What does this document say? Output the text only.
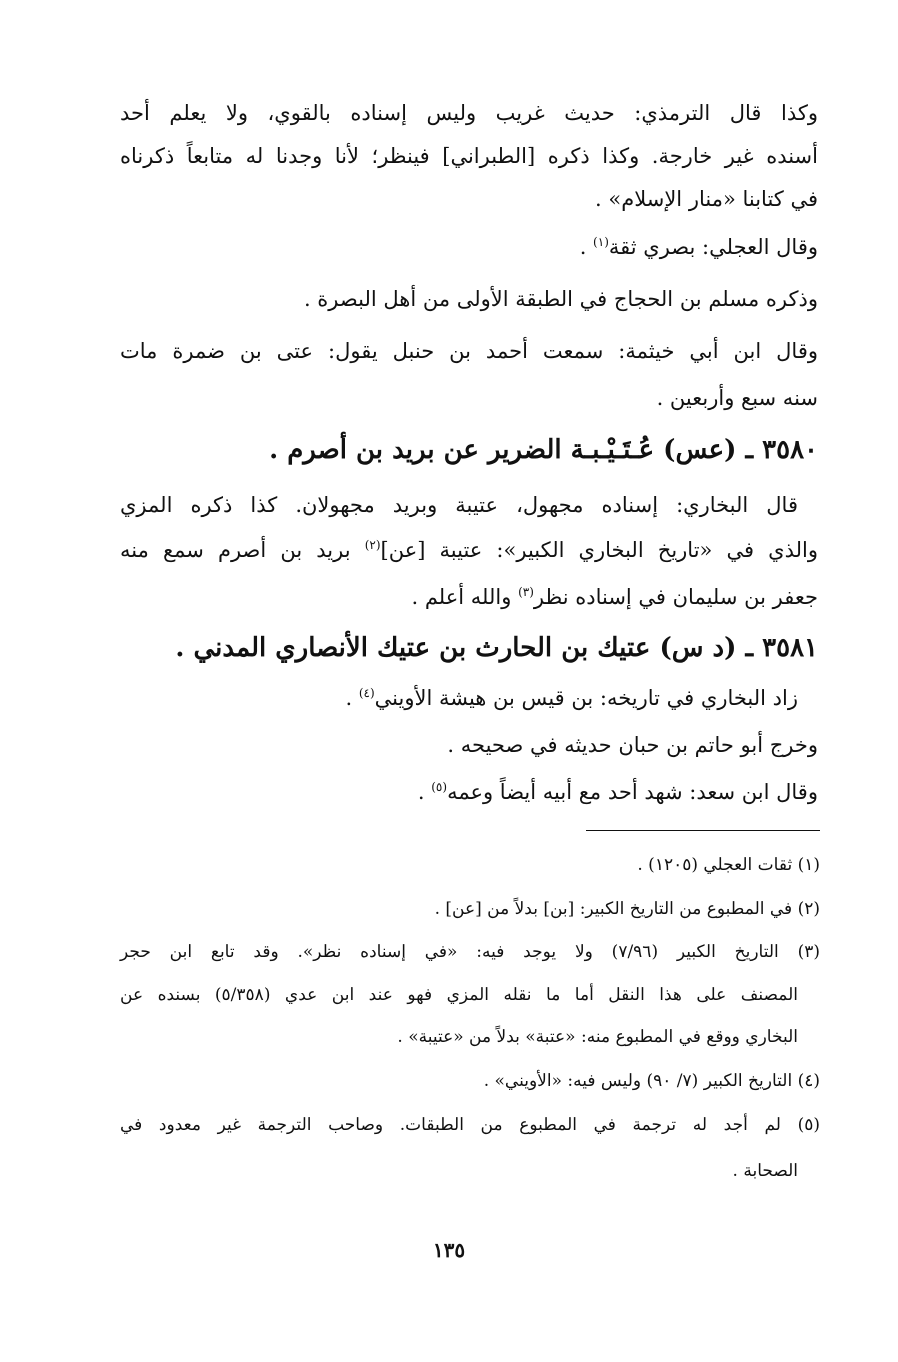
وكذا قال الترمذي: حديث غريب وليس إسناده بالقوي، ولا يعلم أحد
أسنده غير خارجة. وكذا ذكره [الطبراني] فينظر؛ لأنا وجدنا له متابعاً ذكرناه
في كتابنا «منار الإسلام» .
وقال العجلي: بصري ثقة$^{(١)}$ .
وذكره مسلم بن الحجاج في الطبقة الأولى من أهل البصرة .
وقال ابن أبي خيثمة: سمعت أحمد بن حنبل يقول: عتى بن ضمرة مات
سنه سبع وأربعين .
٣٥٨٠ ـ (عس) عُـتَـيْـبـة الضرير عن بريد بن أصرم .
قال البخاري: إسناده مجهول، عتيبة وبريد مجهولان. كذا ذكره المزي
والذي في «تاريخ البخاري الكبير»: عتيبة [عن]$^{(٢)}$ بريد بن أصرم سمع منه
جعفر بن سليمان في إسناده نظر$^{(٣)}$ والله أعلم .
٣٥٨١ ـ (د س) عتيك بن الحارث بن عتيك الأنصاري المدني .
زاد البخاري في تاريخه: بن قيس بن هيشة الأويني$^{(٤)}$ .
وخرج أبو حاتم بن حبان حديثه في صحيحه .
وقال ابن سعد: شهد أحد مع أبيه أيضاً وعمه$^{(٥)}$ .
(١) ثقات العجلي (١٢٠٥) .
(٢) في المطبوع من التاريخ الكبير: [بن] بدلاً من [عن] .
(٣) التاريخ الكبير (٧/٩٦) ولا يوجد فيه: «في إسناده نظر». وقد تابع ابن حجر
المصنف على هذا النقل أما ما نقله المزي فهو عند ابن عدي (٥/٣٥٨) بسنده عن
البخاري ووقع في المطبوع منه: «عتبة» بدلاً من «عتيبة» .
(٤) التاريخ الكبير (٧/ ٩٠) وليس فيه: «الأويني» .
(٥) لم أجد له ترجمة في المطبوع من الطبقات. وصاحب الترجمة غير معدود في
الصحابة .
١٣٥
